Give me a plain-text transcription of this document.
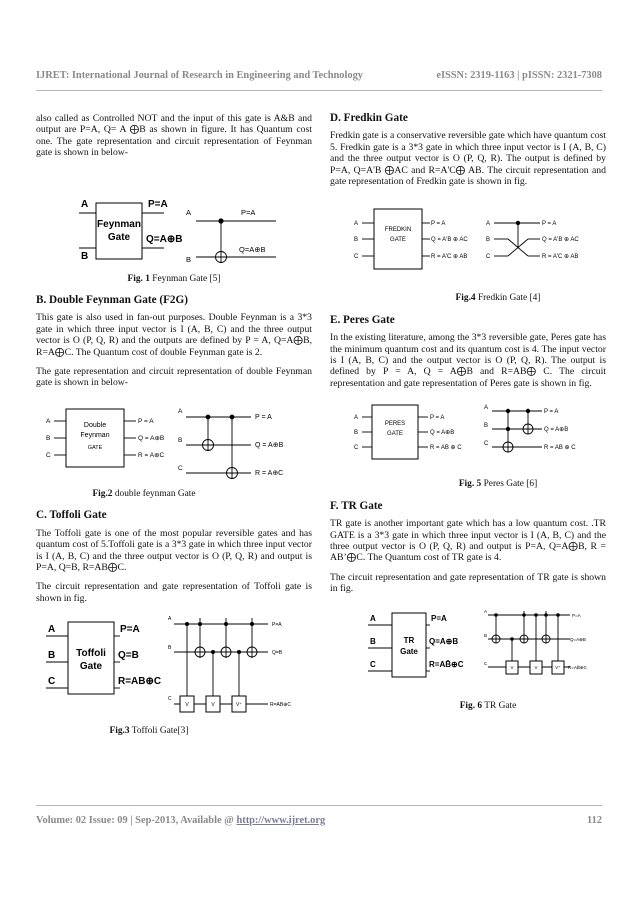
IJRET: International Journal of Research in Engineering and Technology	eISSN: 2319-1163 | pISSN: 2321-7308

also called as Controlled NOT and the input of this gate is A&B and output are P=A, Q= A ⨁B as shown in figure. It has Quantum cost one. The gate representation and circuit representation of Feynman gate is shown in below-

A
B
Feynman
Gate
P=A
Q=A⊕B
A
B
P=A
Q=A⊕B
Fig. 1 Feynman Gate [5]
B. Double Feynman Gate (F2G)

This gate is also used in fan-out purposes. Double Feynman is a 3*3 gate in which three input vector is I (A, B, C) and the three output vector is O (P, Q, R) and the outputs are defined by P = A, Q=A⨁B, R=A⨁C. The Quantum cost of double Feynman gate is 2.

The gate representation and circuit representation of double Feynman gate is shown in below-

A
B
C
Double
Feynman
GATE
P = A
Q = A⊕B
R = A⊕C
A
B
C
P = A
Q = A⊕B
R = A⊕C
Fig.2 double feynman Gate
C. Toffoli Gate

The Toffoli gate is one of the most popular reversible gates and has quantum cost of 5.Toffoli gate is a 3*3 gate in which three input vector is I (A, B, C) and the three output vector is O (P, Q, R) and output is P=A, Q=B, R=AB⨁C.

The circuit representation and gate representation of Toffoli gate is shown in fig.

A
B
C
Toffoli
Gate
P=A
Q=B
R=AB⊕C
A
B
C
V	V	V⁺
P=A
Q=B
R=AB⊕C
Fig.3 Toffoli Gate[3]
D. Fredkin Gate

Fredkin gate is a conservative reversible gate which have quantum cost 5. Fredkin gate is a 3*3 gate in which three input vector is I (A, B, C) and the three output vector is O (P, Q, R). The output is defined by P=A, Q=A'B ⨁AC and R=A'C⨁ AB. The circuit representation and gate representation of Fredkin gate is shown in fig.

A
B
C
FREDKIN
GATE
P = A
Q = A'B ⊕ AC
R = A'C ⊕ AB
A
B
C
P = A
Q = A'B ⊕ AC
R = A'C ⊕ AB
Fig.4 Fredkin Gate [4]
E. Peres Gate

In the existing literature, among the 3*3 reversible gate, Peres gate has the minimum quantum cost and its quantum cost is 4. The input vector is I (A, B, C) and the output vector is O (P, Q, R). The output is defined by P = A, Q = A⨁B and R=AB⨁ C. The circuit representation and gate representation of Peres gate is shown in fig.

A
B
C
PERES
GATE
P = A
Q = A⊕B
R = AB ⊕ C
A
B
C
P = A
Q = A⊕B
R = AB ⊕ C
Fig. 5 Peres Gate [6]
F. TR Gate

TR gate is another important gate which has a low quantum cost. .TR GATE is a 3*3 gate in which three input vector is I (A, B, C) and the three output vector is O (P, Q, R) and output is P=A, Q=A⨁B, R = AB’⨁C. The Quantum cost of TR gate is 4.

The circuit representation and gate representation of TR gate is shown in fig.

A
B
C
TR
Gate
P=A
Q=A⊕B
R=AB̄⊕C
A
B
C
V	V	V⁺
P=A
Q=A⊕B
R=AB̄⊕C
Fig. 6 TR Gate
Volume: 02 Issue: 09 | Sep-2013, Available @ http://www.ijret.org	112
